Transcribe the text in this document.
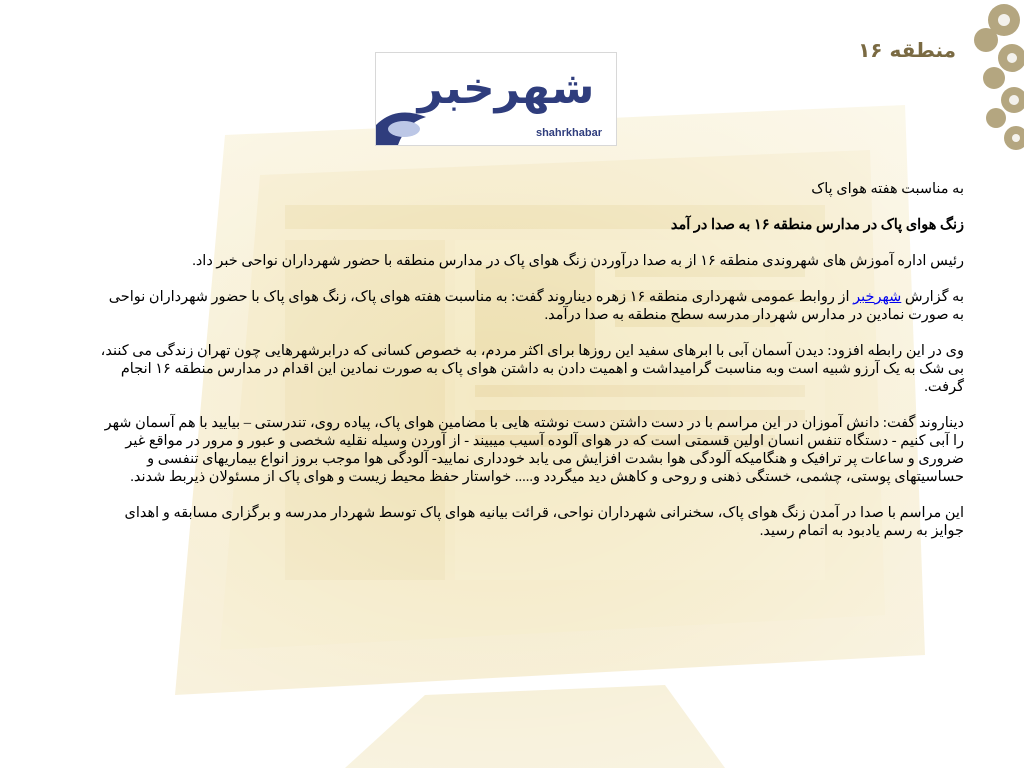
منطقه ۱۶
شهرخبر
shahrkhabar

به مناسبت هفته هوای پاک

زنگ هوای پاک در مدارس منطقه ۱۶ به صدا در آمد

رئیس اداره آموزش های شهروندی منطقه ۱۶ از به صدا درآوردن زنگ هوای پاک در مدارس منطقه با حضور شهرداران نواحی خبر داد.

به گزارش شهرخبر از روابط عمومی شهرداری منطقه ۱۶ زهره دیناروند گفت: به مناسبت هفته هوای پاک، زنگ هوای پاک با حضور شهرداران نواحی به صورت نمادین در مدارس شهردار مدرسه سطح منطقه به صدا درآمد.

وی در این رابطه افزود: دیدن آسمان آبی با ابرهای سفید این روزها برای اکثر مردم، به خصوص کسانی که درابرشهرهایی چون تهران زندگی می کنند، بی شک به یک آرزو شبیه است وبه مناسبت گرامیداشت و اهمیت دادن به داشتن هوای پاک به صورت نمادین این اقدام در مدارس منطقه ۱۶ انجام گرفت.

دیناروند گفت: دانش آموزان در این مراسم با در دست داشتن دست نوشته هایی با مضامین هوای پاک، پیاده روی، تندرستی – بیایید با هم آسمان شهر را آبی کنیم - دستگاه تنفس انسان اولین قسمتی است که در هوای آلوده آسیب میبیند - از آوردن وسیله نقلیه شخصی و عبور و مرور در مواقع غیر ضروری و ساعات پر ترافیک و هنگامیکه آلودگی هوا بشدت افزایش می یابد خودداری نمایید- آلودگی هوا موجب بروز انواع بیماریهای تنفسی و حساسیتهای پوستی، چشمی، خستگی ذهنی و روحی و کاهش دید میگردد و..... خواستار حفظ محیط زیست و هوای پاک از مسئولان ذیربط شدند.

این مراسم با صدا در آمدن زنگ هوای پاک، سخنرانی شهرداران نواحی، قرائت بیانیه هوای پاک توسط شهردار مدرسه و برگزاری مسابقه و اهدای جوایز به رسم یادبود به اتمام رسید.
